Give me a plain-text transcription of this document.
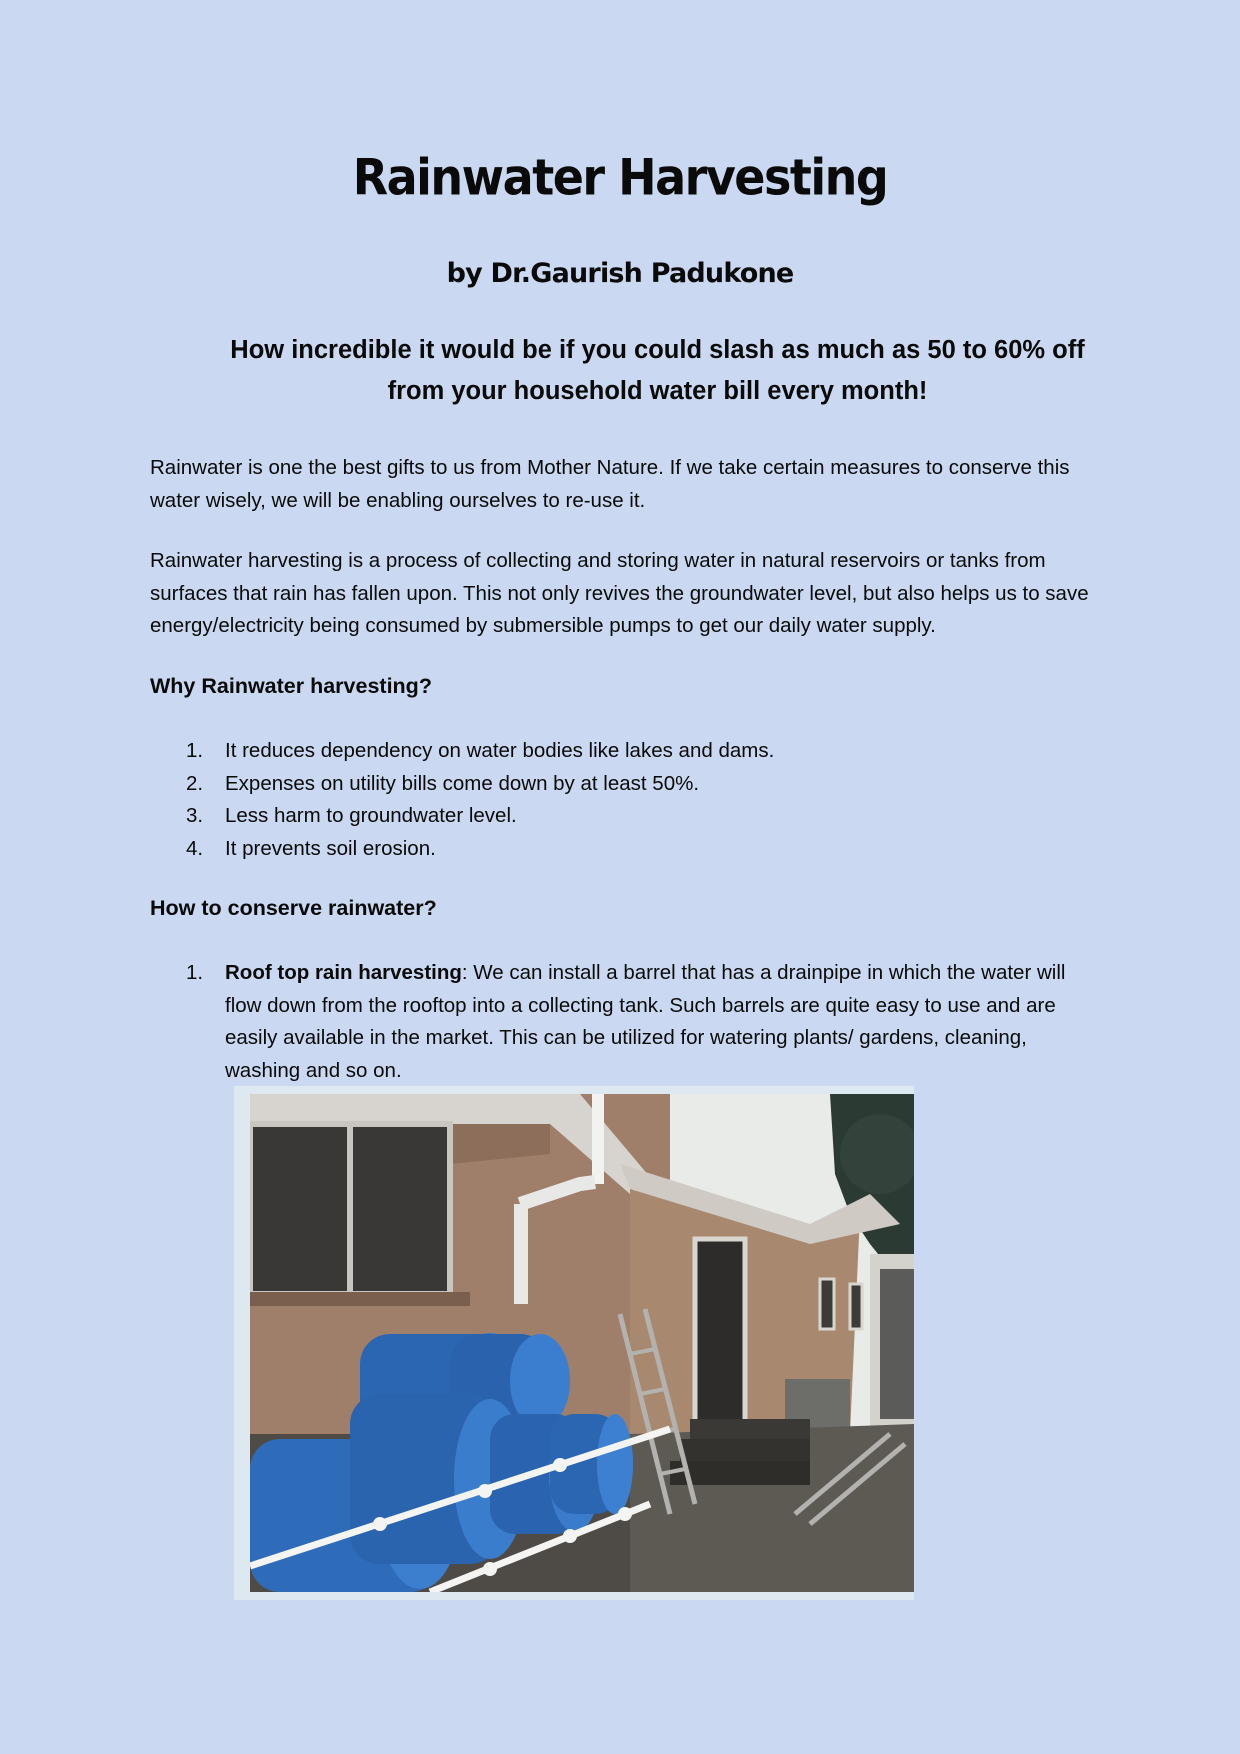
Rainwater Harvesting
by Dr.Gaurish Padukone

How incredible it would be if you could slash as much as 50 to 60% off from your household water bill every month!

Rainwater is one the best gifts to us from Mother Nature. If we take certain measures to conserve this water wisely, we will be enabling ourselves to re-use it.

Rainwater harvesting is a process of collecting and storing water in natural reservoirs or tanks from surfaces that rain has fallen upon. This not only revives the groundwater level, but also helps us to save energy/electricity being consumed by submersible pumps to get our daily water supply.

Why Rainwater harvesting?
1. It reduces dependency on water bodies like lakes and dams.
2. Expenses on utility bills come down by at least 50%.
3. Less harm to groundwater level.
4. It prevents soil erosion.
How to conserve rainwater?
1. Roof top rain harvesting: We can install a barrel that has a drainpipe in which the water will flow down from the rooftop into a collecting tank. Such barrels are quite easy to use and are easily available in the market. This can be utilized for watering plants/ gardens, cleaning, washing and so on.
